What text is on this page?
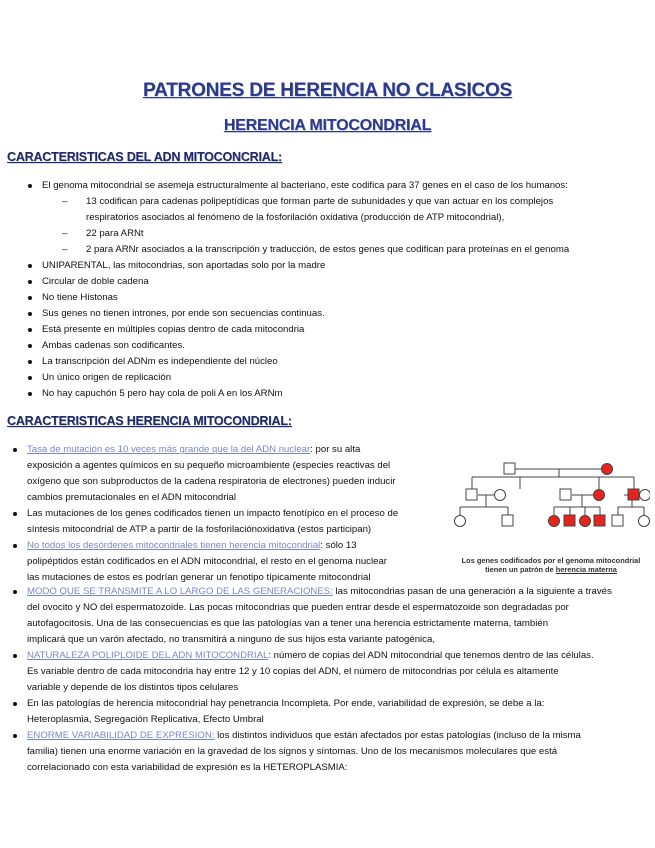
PATRONES DE HERENCIA NO CLASICOS
HERENCIA MITOCONDRIAL
CARACTERISTICAS DEL ADN MITOCONCRIAL:
El genoma mitocondrial se asemeja estructuralmente al bacteriano, este codifica para 37 genes en el caso de los humanos:
– 13 codifican para cadenas polipeptídicas que forman parte de subunidades y que van actuar en los complejos
respiratorios asociados al fenómeno de la fosforilación oxidativa (producción de ATP mitocondrial),
– 22 para ARNt
– 2 para ARNr asociados a la transcripción y traducción, de estos genes que codifican para proteínas en el genoma
UNIPARENTAL, las mitocondrias, son aportadas solo por la madre
Circular de doble cadena
No tiene Histonas
Sus genes no tienen intrones, por ende son secuencias continuas.
Está presente en múltiples copias dentro de cada mitocondria
Ambas cadenas son codificantes.
La transcripción del ADNm es independiente del núcleo
Un único origen de replicación
No hay capuchón 5 pero hay cola de poli A en los ARNm
CARACTERISTICAS HERENCIA MITOCONDRIAL:
Tasa de mutación es 10 veces más grande que la del ADN nuclear: por su alta
exposición a agentes químicos en su pequeño microambiente (especies reactivas del
oxígeno que son subproductos de la cadena respiratoria de electrones) pueden inducir
cambios premutacionales en el ADN mitocondrial
Las mutaciones de los genes codificados tienen un impacto fenotípico en el proceso de
síntesis mitocondrial de ATP a partir de la fosforilaciónoxidativa (estos participan)
No todos los desórdenes mitocondriales tienen herencia mitocondrial: sólo 13
polipéptidos están codificados en el ADN mitocondrial, el resto en el genoma nuclear
las mutaciones de estos es podrían generar un fenotipo típicamente mitocondrial
MODO QUE SE TRANSMITE A LO LARGO DE LAS GENERACIONES: las mitocondrias pasan de una generación a la siguiente a través
del ovocito y NO del espermatozoide. Las pocas mitocondrias que pueden entrar desde el espermatozoide son degradadas por
autofagocitosis. Una de las consecuencias es que las patologías van a tener una herencia estrictamente materna, también
implicará que un varón afectado, no transmitirá a ninguno de sus hijos esta variante patogénica,
NATURALEZA POLIPLOIDE DEL ADN MITOCONDRIAL: número de copias del ADN mitocondrial que tenemos dentro de las células.
Es variable dentro de cada mitocondria hay entre 12 y 10 copias del ADN, el número de mitocondrias por célula es altamente
variable y depende de los distintos tipos celulares
En las patologías de herencia mitocondrial hay penetrancia Incompleta. Por ende, variabilidad de expresión, se debe a la:
Heteroplasmia, Segregación Replicativa, Efecto Umbral
ENORME VARIABILIDAD DE EXPRESION: los distintos individuos que están afectados por estas patologías (incluso de la misma
familia) tienen una enorme variación en la gravedad de los signos y síntomas. Uno de los mecanismos moleculares que está
correlacionado con esta variabilidad de expresión es la HETEROPLASMIA:
Los genes codificados por el genoma mitocondrial
tienen un patrón de herencia materna
